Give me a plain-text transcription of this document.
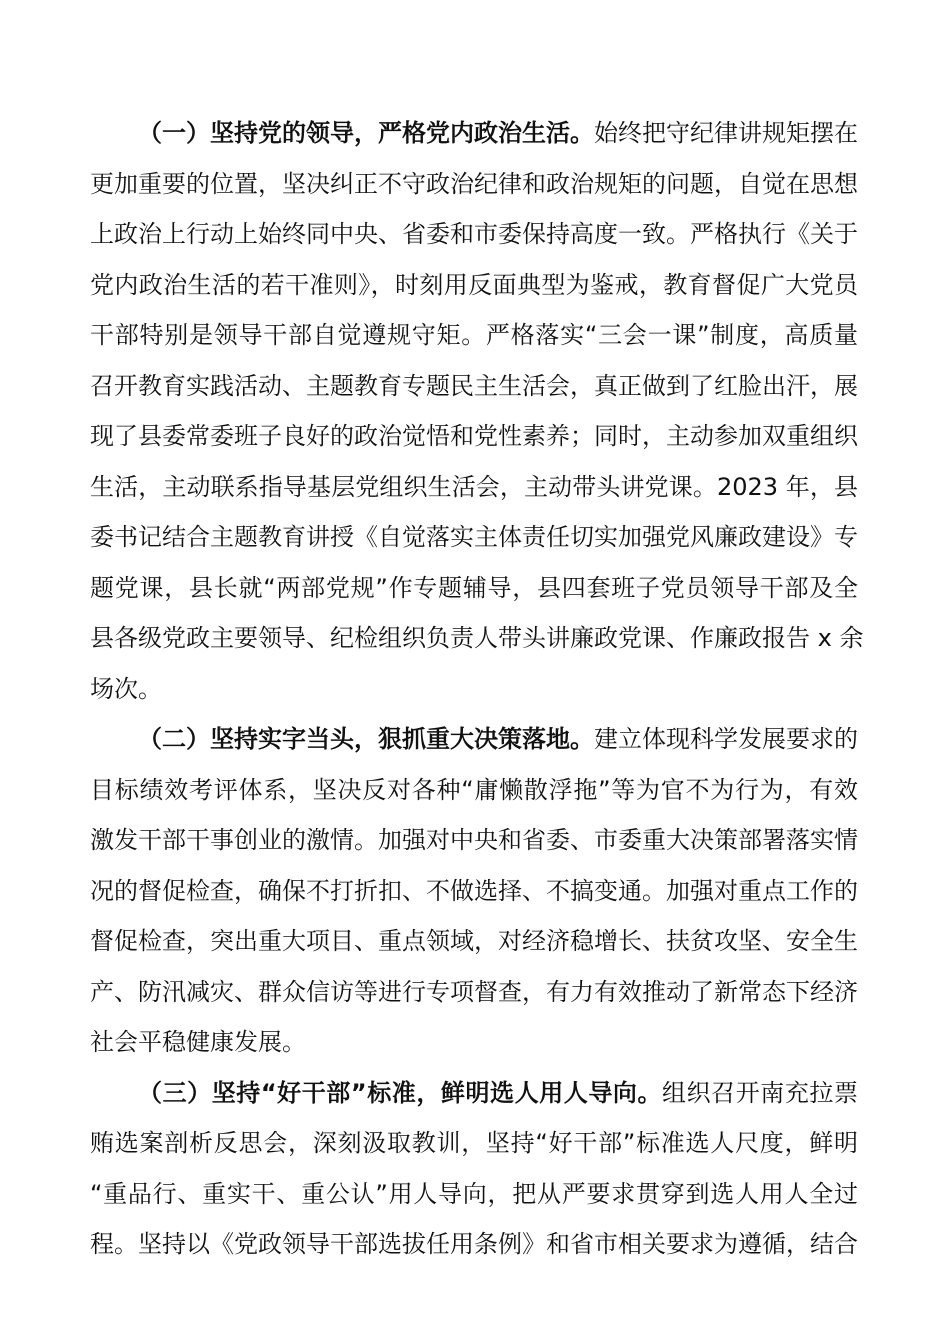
（一）坚持党的领导，严格党内政治生活。始终把守纪律讲规矩摆在
更加重要的位置，坚决纠正不守政治纪律和政治规矩的问题，自觉在思想
上政治上行动上始终同中央、省委和市委保持高度一致。严格执行《关于
党内政治生活的若干准则》，时刻用反面典型为鉴戒，教育督促广大党员
干部特别是领导干部自觉遵规守矩。严格落实“三会一课”制度，高质量
召开教育实践活动、主题教育专题民主生活会，真正做到了红脸出汗，展
现了县委常委班子良好的政治觉悟和党性素养；同时，主动参加双重组织
生活，主动联系指导基层党组织生活会，主动带头讲党课。2023 年，县
委书记结合主题教育讲授《自觉落实主体责任切实加强党风廉政建设》专
题党课，县长就“两部党规”作专题辅导，县四套班子党员领导干部及全
县各级党政主要领导、纪检组织负责人带头讲廉政党课、作廉政报告 x 余
场次。
（二）坚持实字当头，狠抓重大决策落地。建立体现科学发展要求的
目标绩效考评体系，坚决反对各种“庸懒散浮拖”等为官不为行为，有效
激发干部干事创业的激情。加强对中央和省委、市委重大决策部署落实情
况的督促检查，确保不打折扣、不做选择、不搞变通。加强对重点工作的
督促检查，突出重大项目、重点领域，对经济稳增长、扶贫攻坚、安全生
产、防汛减灾、群众信访等进行专项督查，有力有效推动了新常态下经济
社会平稳健康发展。
（三）坚持“好干部”标准，鲜明选人用人导向。组织召开南充拉票
贿选案剖析反思会，深刻汲取教训，坚持“好干部”标准选人尺度，鲜明
“重品行、重实干、重公认”用人导向，把从严要求贯穿到选人用人全过
程。坚持以《党政领导干部选拔任用条例》和省市相关要求为遵循，结合
